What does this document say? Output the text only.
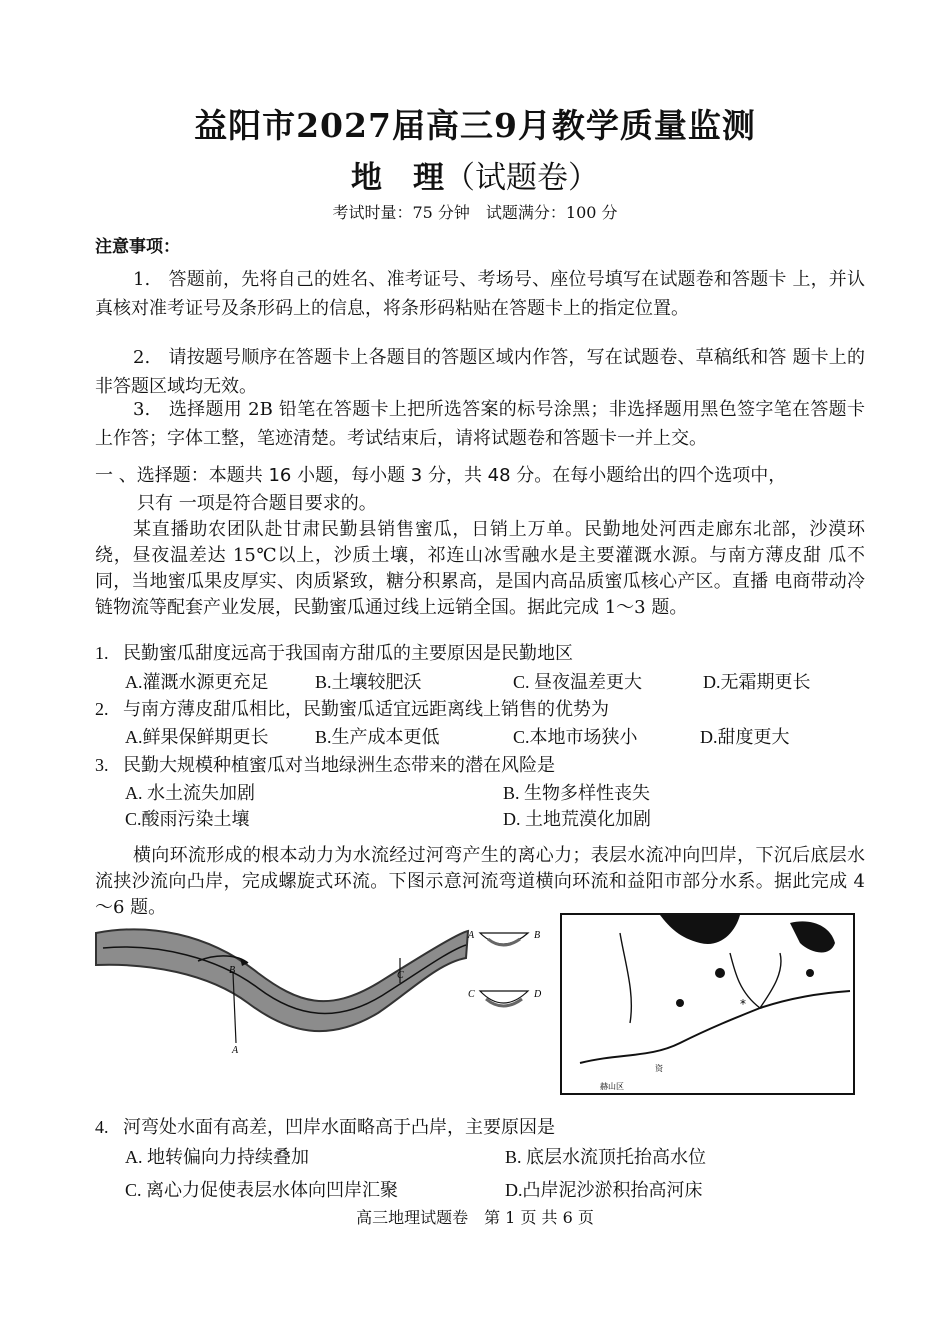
益阳市2027届高三9月教学质量监测
地　理（试题卷）
考试时量：75 分钟　试题满分：100 分
注意事项：
1.　答题前，先将自己的姓名、准考证号、考场号、座位号填写在试题卷和答题卡 上，并认真核对准考证号及条形码上的信息，将条形码粘贴在答题卡上的指定位置。
2.　请按题号顺序在答题卡上各题目的答题区域内作答，写在试题卷、草稿纸和答 题卡上的非答题区域均无效。
3.　选择题用 2B 铅笔在答题卡上把所选答案的标号涂黑；非选择题用黑色签字笔在答题卡上作答；字体工整，笔迹清楚。考试结束后，请将试题卷和答题卡一并上交。
一 、选择题：本题共 16 小题，每小题 3 分，共 48 分。在每小题给出的四个选项中，
只有 一项是符合题目要求的。
某直播助农团队赴甘肃民勤县销售蜜瓜，日销上万单。民勤地处河西走廊东北部，沙漠环绕，昼夜温差达 15℃以上，沙质土壤，祁连山冰雪融水是主要灌溉水源。与南方薄皮甜 瓜不同，当地蜜瓜果皮厚实、肉质紧致，糖分积累高，是国内高品质蜜瓜核心产区。直播 电商带动冷链物流等配套产业发展，民勤蜜瓜通过线上远销全国。据此完成 1～3 题。
1. 民勤蜜瓜甜度远高于我国南方甜瓜的主要原因是民勤地区
A.灌溉水源更充足	B.土壤较肥沃	C. 昼夜温差更大	D.无霜期更长
2. 与南方薄皮甜瓜相比，民勤蜜瓜适宜远距离线上销售的优势为
A.鲜果保鲜期更长	B.生产成本更低	C.本地市场狭小	D.甜度更大
3. 民勤大规模种植蜜瓜对当地绿洲生态带来的潜在风险是
A. 水土流失加剧	B. 生物多样性丧失
C.酸雨污染土壤	D. 土地荒漠化加剧
横向环流形成的根本动力为水流经过河弯产生的离心力；表层水流冲向凹岸，下沉后底层水流挟沙流向凸岸，完成螺旋式环流。下图示意河流弯道横向环流和益阳市部分水系。据此完成 4～6 题。
B
A
C
A	B
C	D
*
资
赫山区
4. 河弯处水面有高差，凹岸水面略高于凸岸，主要原因是
A. 地转偏向力持续叠加	B. 底层水流顶托抬高水位
C. 离心力促使表层水体向凹岸汇聚	D.凸岸泥沙淤积抬高河床
高三地理试题卷　第 1 页 共 6 页
